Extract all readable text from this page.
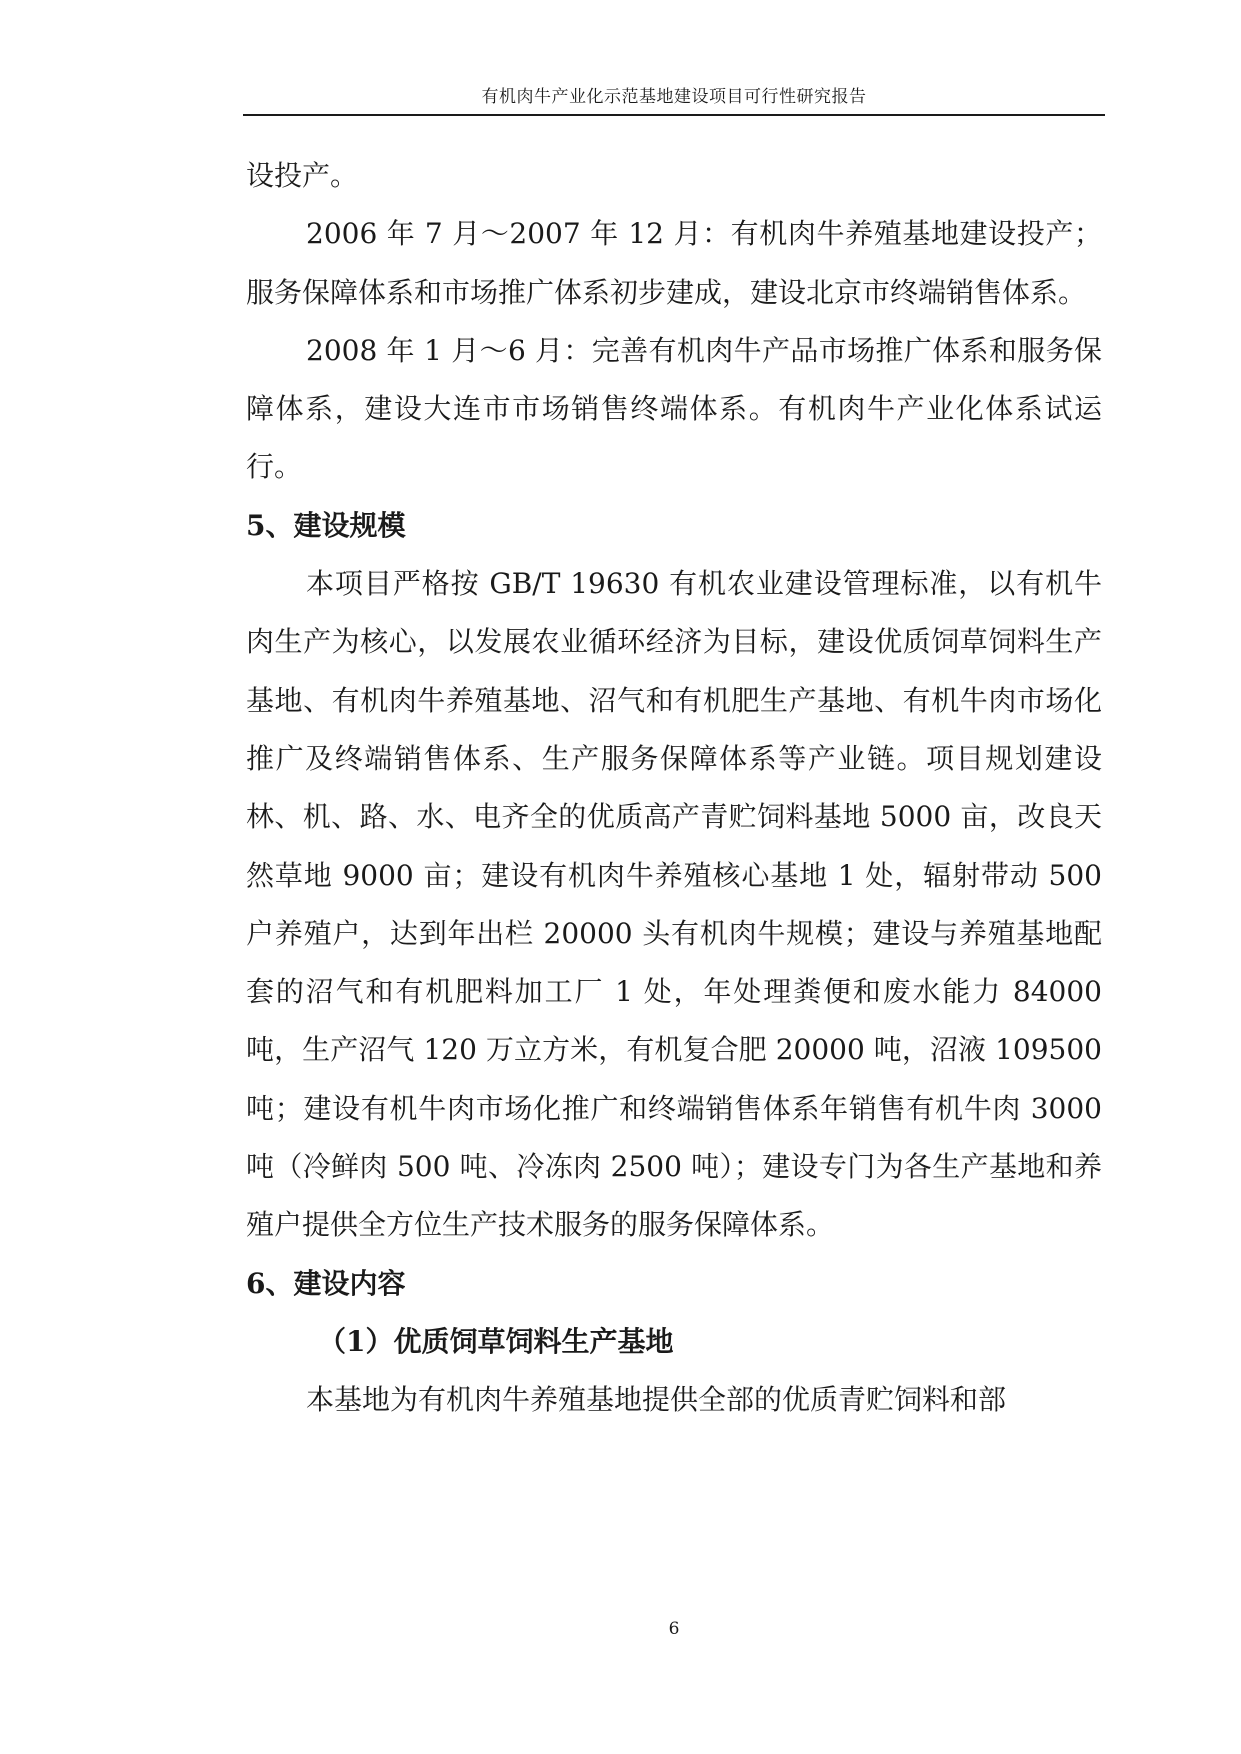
有机肉牛产业化示范基地建设项目可行性研究报告

设投产。

2006 年 7 月～2007 年 12 月：有机肉牛养殖基地建设投产；服务保障体系和市场推广体系初步建成，建设北京市终端销售体系。

2008 年 1 月～6 月：完善有机肉牛产品市场推广体系和服务保障体系，建设大连市市场销售终端体系。有机肉牛产业化体系试运行。

5、建设规模

本项目严格按 GB/T 19630 有机农业建设管理标准，以有机牛肉生产为核心，以发展农业循环经济为目标，建设优质饲草饲料生产基地、有机肉牛养殖基地、沼气和有机肥生产基地、有机牛肉市场化推广及终端销售体系、生产服务保障体系等产业链。项目规划建设林、机、路、水、电齐全的优质高产青贮饲料基地 5000 亩，改良天然草地 9000 亩；建设有机肉牛养殖核心基地 1 处，辐射带动 500 户养殖户，达到年出栏 20000 头有机肉牛规模；建设与养殖基地配套的沼气和有机肥料加工厂 1 处，年处理粪便和废水能力 84000 吨，生产沼气 120 万立方米，有机复合肥 20000 吨，沼液 109500 吨；建设有机牛肉市场化推广和终端销售体系年销售有机牛肉 3000 吨（冷鲜肉 500 吨、冷冻肉 2500 吨）；建设专门为各生产基地和养殖户提供全方位生产技术服务的服务保障体系。

6、建设内容

（1）优质饲草饲料生产基地

本基地为有机肉牛养殖基地提供全部的优质青贮饲料和部

6
